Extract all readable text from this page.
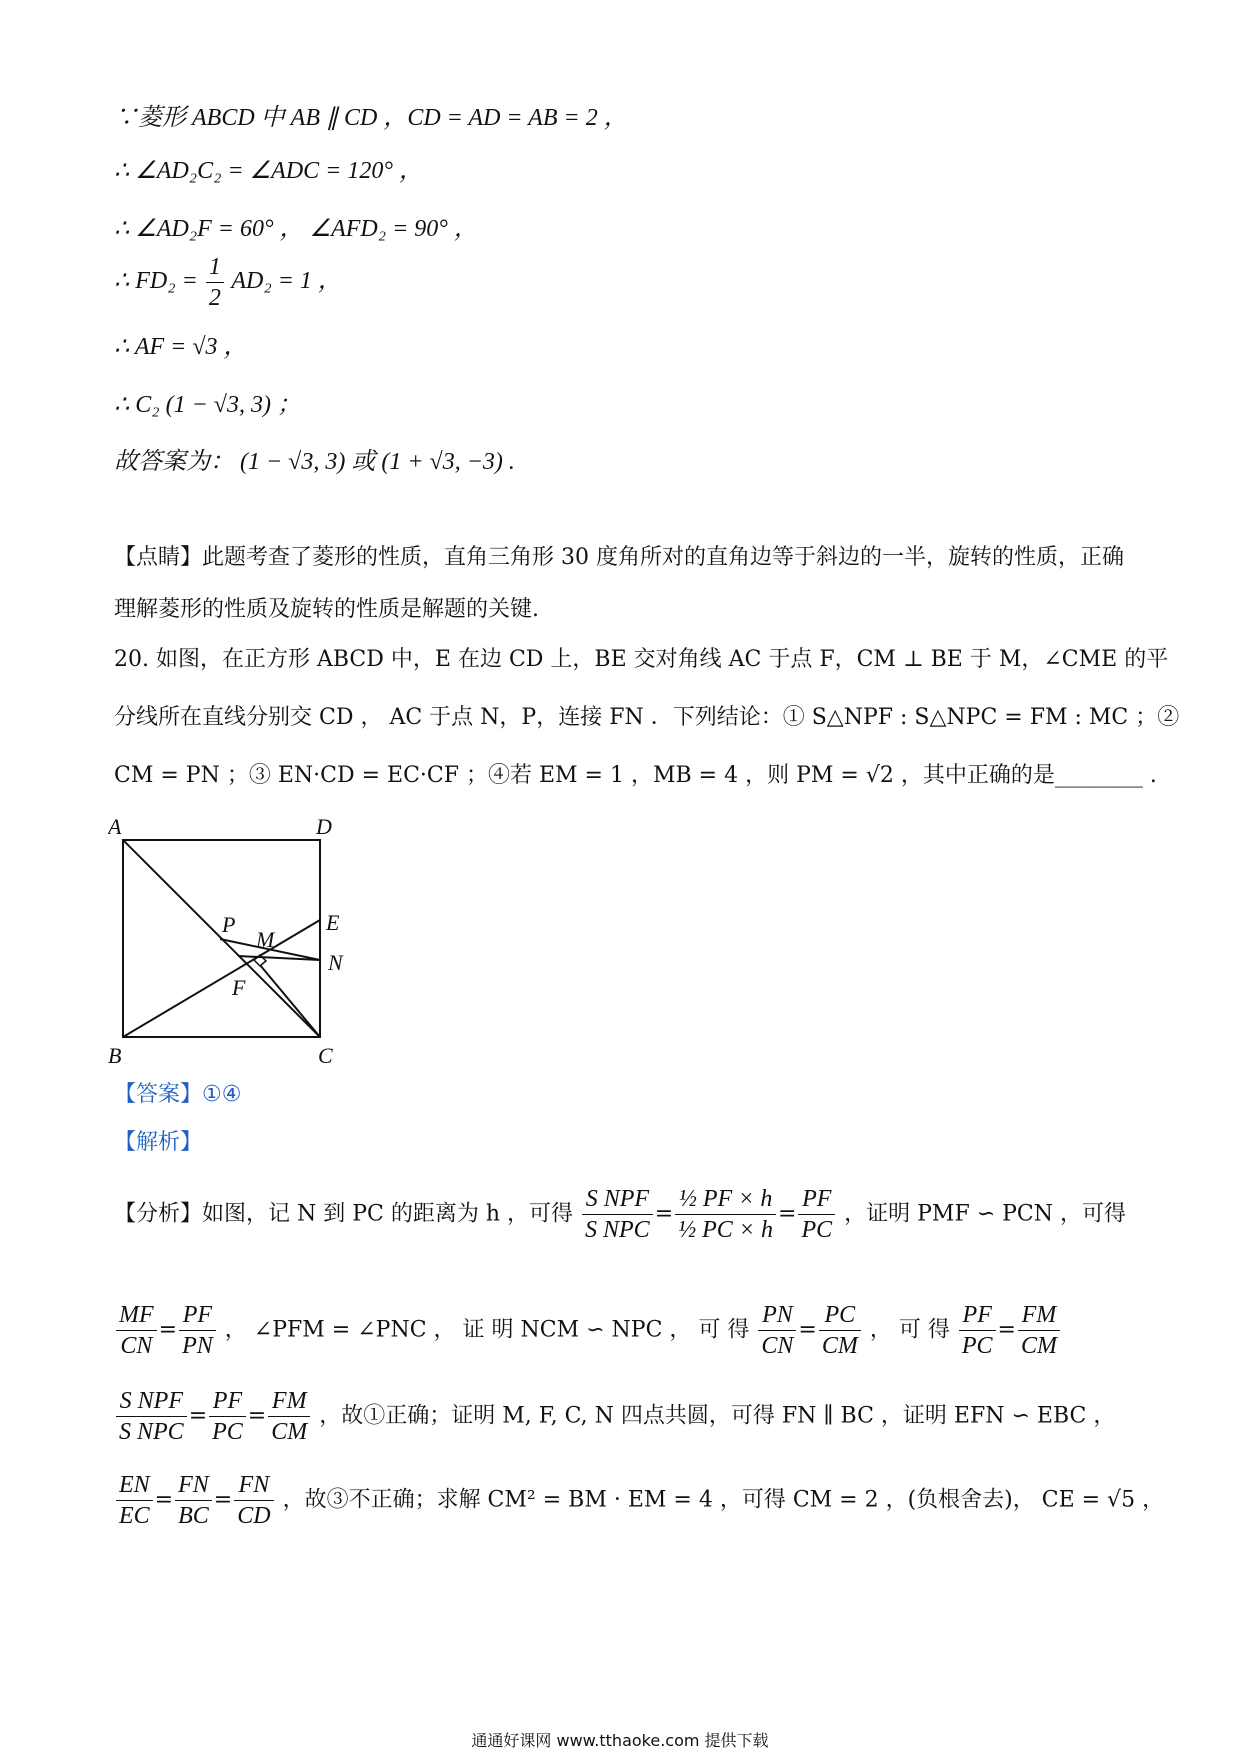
∵菱形 ABCD 中 AB ∥ CD ，CD = AD = AB = 2 ，
∴ ∠AD₂C₂ = ∠ADC = 120° ，
∴ ∠AD₂F = 60° ， ∠AFD₂ = 90° ，
∴ $FD_2 = \frac{1}{2} AD_2 = 1$ ，
∴ AF = √3 ，
∴ C₂ (1 − √3, 3) ；
故答案为： (1 − √3, 3) 或 (1 + √3, −3) .
【点睛】此题考查了菱形的性质，直角三角形 30 度角所对的直角边等于斜边的一半，旋转的性质，正确
理解菱形的性质及旋转的性质是解题的关键.
20. 如图，在正方形 ABCD 中，E 在边 CD 上，BE 交对角线 AC 于点 F，CM ⊥ BE 于 M，∠CME 的平
分线所在直线分别交 CD ， AC 于点 N，P，连接 FN ．下列结论：① S△NPF : S△NPC = FM : MC ；②
CM = PN ；③ EN·CD = EC·CF ；④若 EM = 1 ，MB = 4 ，则 PM = √2 ，其中正确的是________ .
A	D
B	C
E
N
P
M
F
【答案】①④
【解析】
【分析】如图，记 N 到 PC 的距离为 h ，可得 $\frac{\text{S NPF}}{\text{S NPC}} = \frac{\text{½ PF × h}}{\text{½ PC × h}} = \frac{PF}{PC}$ ，证明 PMF ∽ PCN ，可得
$\frac{MF}{CN} = \frac{PF}{PN}$ ， ∠PFM = ∠PNC ， 证 明 NCM ∽ NPC ， 可 得 $\frac{PN}{CN} = \frac{PC}{CM}$ ， 可 得 $\frac{PF}{PC} = \frac{FM}{CM}$
$\frac{\text{S NPF}}{\text{S NPC}} = \frac{PF}{PC} = \frac{FM}{CM}$ ，故①正确；证明 M, F, C, N 四点共圆，可得 FN ∥ BC ，证明 EFN ∽ EBC ，
$\frac{EN}{EC} = \frac{FN}{BC} = \frac{FN}{CD}$ ，故③不正确；求解 CM² = BM · EM = 4 ，可得 CM = 2 ，(负根舍去)， CE = √5 ，
通通好课网 www.tthaoke.com 提供下载
